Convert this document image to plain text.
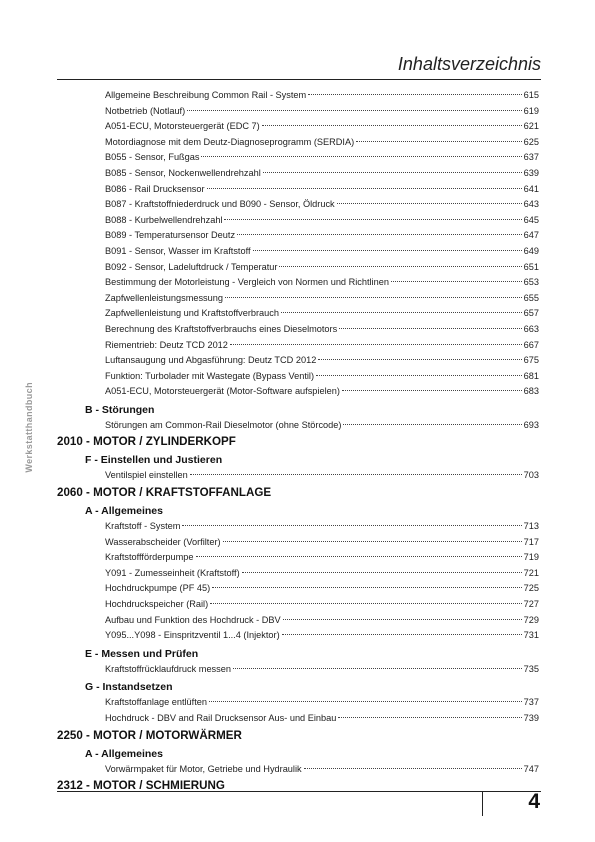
Inhaltsverzeichnis
Werkstatthandbuch
Allgemeine Beschreibung Common Rail - System	615
Notbetrieb (Notlauf)	619
A051-ECU, Motorsteuergerät (EDC 7)	621
Motordiagnose mit dem Deutz-Diagnoseprogramm (SERDIA)	625
B055 - Sensor, Fußgas	637
B085 - Sensor, Nockenwellendrehzahl	639
B086 - Rail Drucksensor	641
B087 - Kraftstoffniederdruck und B090 - Sensor, Öldruck	643
B088 - Kurbelwellendrehzahl	645
B089 - Temperatursensor Deutz	647
B091 - Sensor, Wasser im Kraftstoff	649
B092 - Sensor, Ladeluftdruck / Temperatur	651
Bestimmung der Motorleistung - Vergleich von Normen und Richtlinen	653
Zapfwellenleistungsmessung	655
Zapfwellenleistung und Kraftstoffverbrauch	657
Berechnung des Kraftstoffverbrauchs eines Dieselmotors	663
Riementrieb: Deutz TCD 2012	667
Luftansaugung und Abgasführung: Deutz TCD 2012	675
Funktion: Turbolader mit Wastegate (Bypass Ventil)	681
A051-ECU, Motorsteuergerät (Motor-Software aufspielen)	683
B - Störungen
Störungen am Common-Rail Dieselmotor (ohne Störcode)	693
2010 - MOTOR / ZYLINDERKOPF
F - Einstellen und Justieren
Ventilspiel einstellen	703
2060 - MOTOR / KRAFTSTOFFANLAGE
A - Allgemeines
Kraftstoff - System	713
Wasserabscheider (Vorfilter)	717
Kraftstoffförderpumpe	719
Y091 - Zumesseinheit (Kraftstoff)	721
Hochdruckpumpe (PF 45)	725
Hochdruckspeicher (Rail)	727
Aufbau und Funktion des Hochdruck - DBV	729
Y095...Y098 - Einspritzventil 1...4 (Injektor)	731
E - Messen und Prüfen
Kraftstoffrücklaufdruck messen	735
G - Instandsetzen
Kraftstoffanlage entlüften	737
Hochdruck - DBV and Rail Drucksensor Aus- und Einbau	739
2250 - MOTOR / MOTORWÄRMER
A - Allgemeines
Vorwärmpaket für Motor, Getriebe und Hydraulik	747
2312 - MOTOR / SCHMIERUNG
4
